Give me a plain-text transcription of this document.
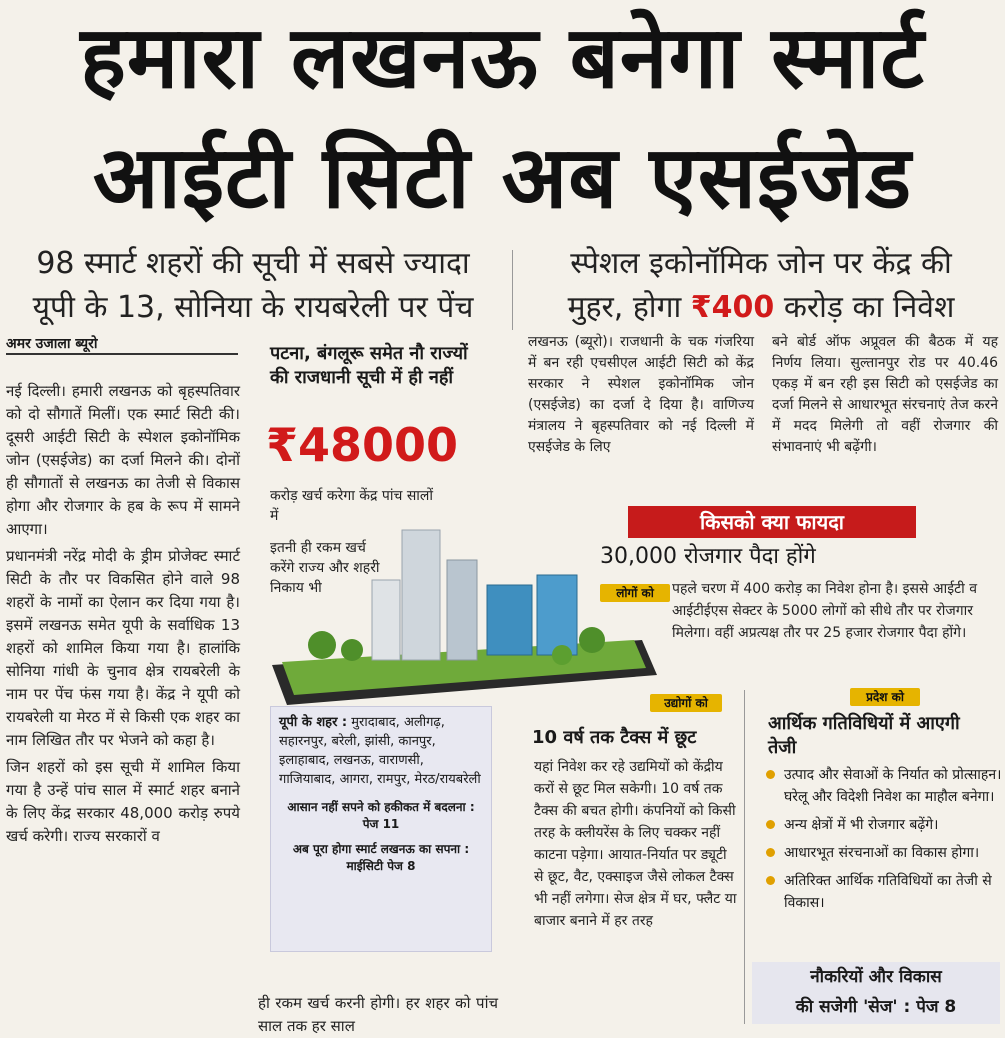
हमारा लखनऊ बनेगा स्मार्ट
आईटी सिटी अब एसईजेड
98 स्मार्ट शहरों की सूची में सबसे ज्यादा
यूपी के 13, सोनिया के रायबरेली पर पेंच
स्पेशल इकोनॉमिक जोन पर केंद्र की
मुहर, होगा ₹400 करोड़ का निवेश
अमर उजाला ब्यूरो

नई दिल्ली। हमारी लखनऊ को बृहस्पतिवार को दो सौगातें मिलीं। एक स्मार्ट सिटी की। दूसरी आईटी सिटी के स्पेशल इकोनॉमिक जोन (एसईजेड) का दर्जा मिलने की। दोनों ही सौगातों से लखनऊ का तेजी से विकास होगा और रोजगार के हब के रूप में सामने आएगा।

प्रधानमंत्री नरेंद्र मोदी के ड्रीम प्रोजेक्ट स्मार्ट सिटी के तौर पर विकसित होने वाले 98 शहरों के नामों का ऐलान कर दिया गया है। इसमें लखनऊ समेत यूपी के सर्वाधिक 13 शहरों को शामिल किया गया है। हालांकि सोनिया गांधी के चुनाव क्षेत्र रायबरेली के नाम पर पेंच फंस गया है। केंद्र ने यूपी को रायबरेली या मेरठ में से किसी एक शहर का नाम लिखित तौर पर भेजने को कहा है।

जिन शहरों को इस सूची में शामिल किया गया है उन्हें पांच साल में स्मार्ट शहर बनाने के लिए केंद्र सरकार 48,000 करोड़ रुपये खर्च करेगी। राज्य सरकारों व

ही रकम खर्च करनी होगी। हर शहर को पांच साल तक हर साल
पटना, बंगलूरू समेत नौ राज्यों की राजधानी सूची में ही नहीं
₹48000
करोड़ खर्च करेगा केंद्र पांच सालों में
इतनी ही रकम खर्च करेंगे राज्य और शहरी निकाय भी
यूपी के शहर : मुरादाबाद, अलीगढ़, सहारनपुर, बरेली, झांसी, कानपुर, इलाहाबाद, लखनऊ, वाराणसी, गाजियाबाद, आगरा, रामपुर, मेरठ/रायबरेली
आसान नहीं सपने को हकीकत में बदलना : पेज 11
अब पूरा होगा स्मार्ट लखनऊ का सपना : माईसिटी पेज 8
लखनऊ (ब्यूरो)। राजधानी के चक गंजरिया में बन रही एचसीएल आईटी सिटी को केंद्र सरकार ने स्पेशल इकोनॉमिक जोन (एसईजेड) का दर्जा दे दिया है। वाणिज्य मंत्रालय ने बृहस्पतिवार को नई दिल्ली में एसईजेड के लिए
बने बोर्ड ऑफ अप्रूवल की बैठक में यह निर्णय लिया। सुल्तानपुर रोड पर 40.46 एकड़ में बन रही इस सिटी को एसईजेड का दर्जा मिलने से आधारभूत संरचनाएं तेज करने में मदद मिलेगी तो वहीं रोजगार की संभावनाएं भी बढ़ेंगी।
किसको क्या फायदा
30,000 रोजगार पैदा होंगे
लोगों को	पहले चरण में 400 करोड़ का निवेश होना है। इससे आईटी व आईटीईएस सेक्टर के 5000 लोगों को सीधे तौर पर रोजगार मिलेगा। वहीं अप्रत्यक्ष तौर पर 25 हजार रोजगार पैदा होंगे।
उद्योगों को
10 वर्ष तक टैक्स में छूट
यहां निवेश कर रहे उद्यमियों को केंद्रीय करों से छूट मिल सकेगी। 10 वर्ष तक टैक्स की बचत होगी। कंपनियों को किसी तरह के क्लीयरेंस के लिए चक्कर नहीं काटना पड़ेगा। आयात-निर्यात पर ड्यूटी से छूट, वैट, एक्साइज जैसे लोकल टैक्स भी नहीं लगेगा। सेज क्षेत्र में घर, फ्लैट या बाजार बनाने में हर तरह
प्रदेश को
आर्थिक गतिविधियों में आएगी तेजी
उत्पाद और सेवाओं के निर्यात को प्रोत्साहन। घरेलू और विदेशी निवेश का माहौल बनेगा।
अन्य क्षेत्रों में भी रोजगार बढ़ेंगे।
आधारभूत संरचनाओं का विकास होगा।
अतिरिक्त आर्थिक गतिविधियों का तेजी से विकास।
नौकरियों और विकास
की सजेगी 'सेज' : पेज 8
